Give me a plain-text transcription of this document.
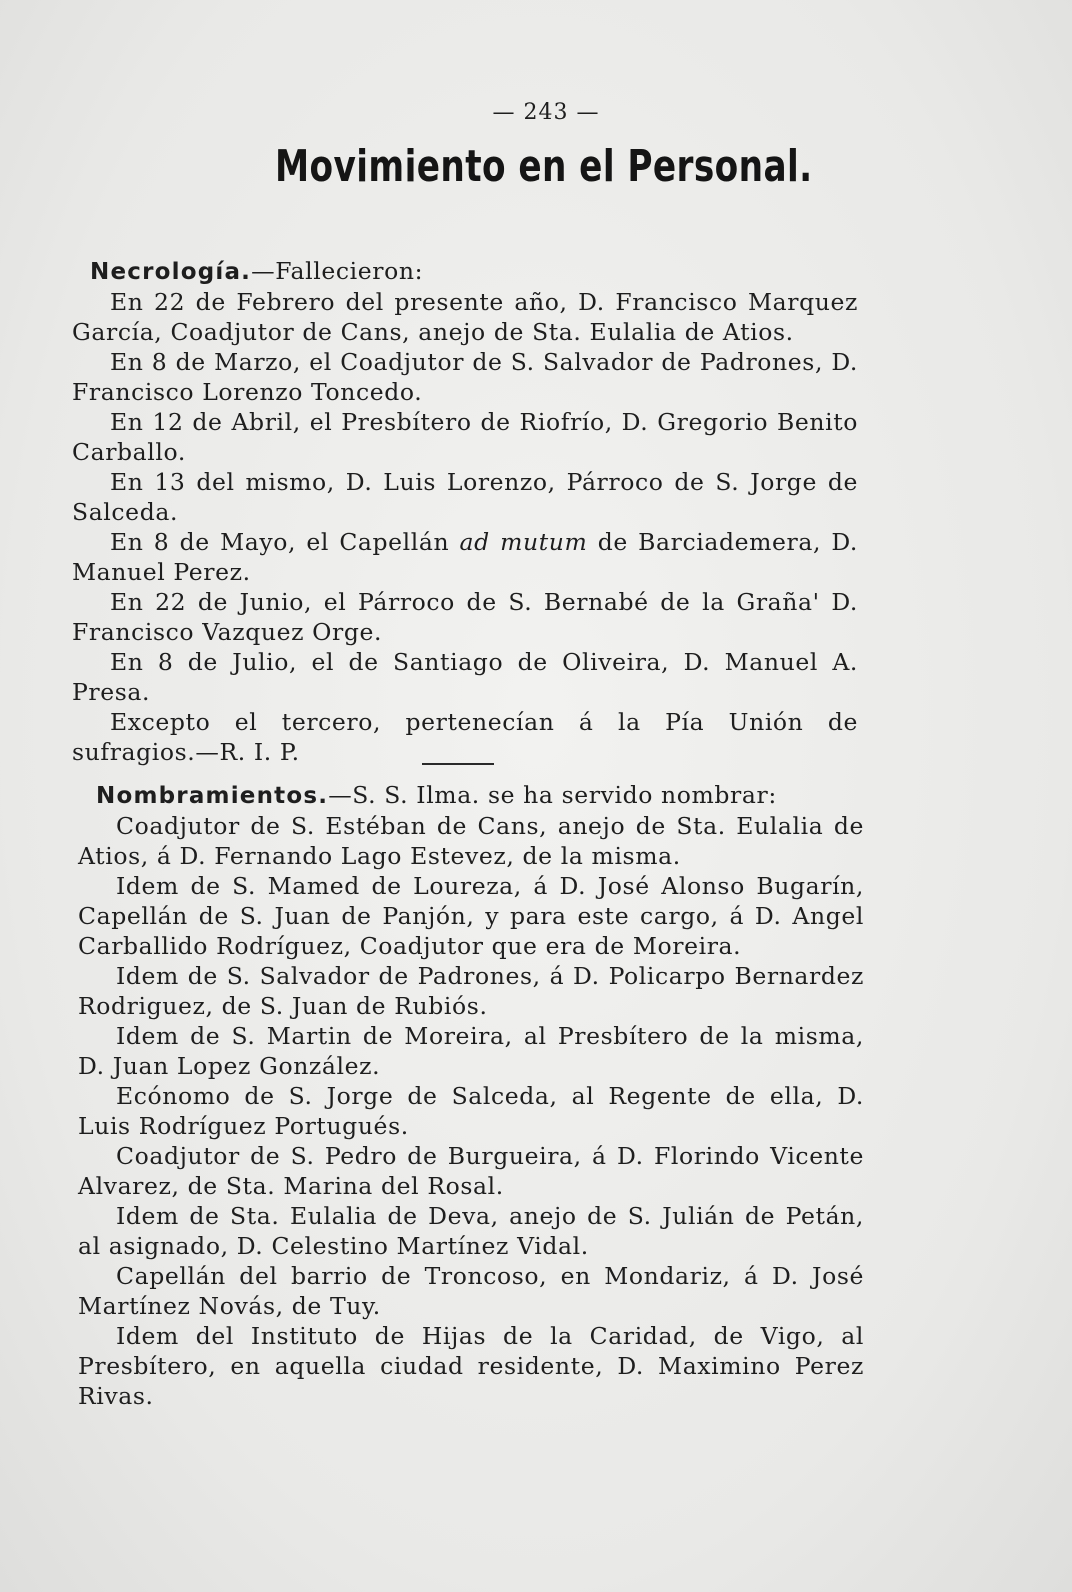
— 243 —
Movimiento en el Personal.

Necrología.—Fallecieron:

En 22 de Febrero del presente año, D. Francisco Marquez García, Coadjutor de Cans, anejo de Sta. Eulalia de Atios.

En 8 de Marzo, el Coadjutor de S. Salvador de Padrones, D. Francisco Lorenzo Toncedo.

En 12 de Abril, el Presbítero de Riofrío, D. Gregorio Benito Carballo.

En 13 del mismo, D. Luis Lorenzo, Párroco de S. Jorge de Salceda.

En 8 de Mayo, el Capellán ad mutum de Barciademera, D. Manuel Perez.

En 22 de Junio, el Párroco de S. Bernabé de la Graña' D. Francisco Vazquez Orge.

En 8 de Julio, el de Santiago de Oliveira, D. Manuel A. Presa.

Excepto el tercero, pertenecían á la Pía Unión de sufragios.—R. I. P.

Nombramientos.—S. S. Ilma. se ha servido nombrar:

Coadjutor de S. Estéban de Cans, anejo de Sta. Eulalia de Atios, á D. Fernando Lago Estevez, de la misma.

Idem de S. Mamed de Loureza, á D. José Alonso Bugarín, Capellán de S. Juan de Panjón, y para este cargo, á D. Angel Carballido Rodríguez, Coadjutor que era de Moreira.

Idem de S. Salvador de Padrones, á D. Policarpo Bernardez Rodriguez, de S. Juan de Rubiós.

Idem de S. Martin de Moreira, al Presbítero de la misma, D. Juan Lopez González.

Ecónomo de S. Jorge de Salceda, al Regente de ella, D. Luis Rodríguez Portugués.

Coadjutor de S. Pedro de Burgueira, á D. Florindo Vicente Alvarez, de Sta. Marina del Rosal.

Idem de Sta. Eulalia de Deva, anejo de S. Julián de Petán, al asignado, D. Celestino Martínez Vidal.

Capellán del barrio de Troncoso, en Mondariz, á D. José Martínez Novás, de Tuy.

Idem del Instituto de Hijas de la Caridad, de Vigo, al Presbítero, en aquella ciudad residente, D. Maximino Perez Rivas.
